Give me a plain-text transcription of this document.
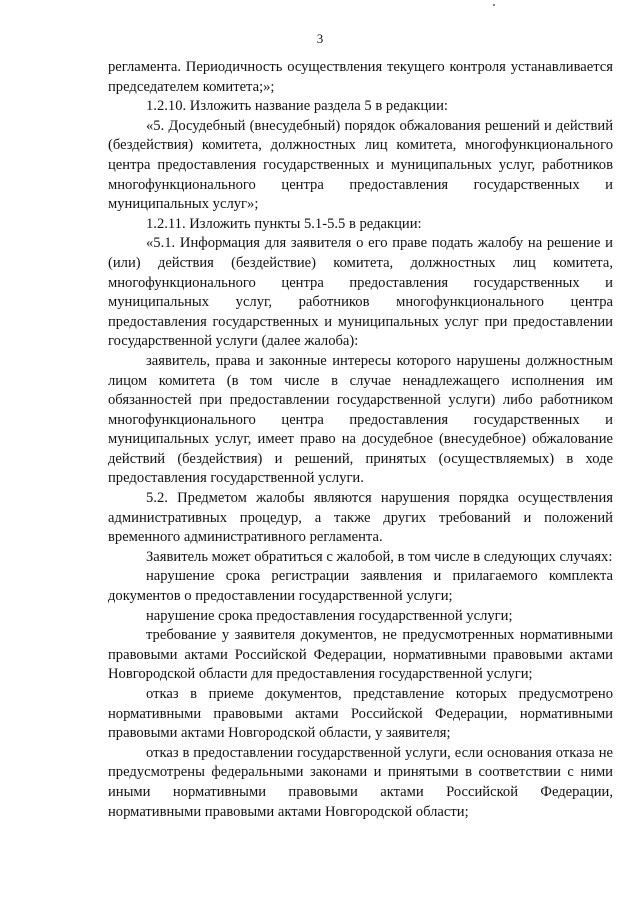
3

регламента. Периодичность осуществления текущего контроля устанавливается председателем комитета;»;

1.2.10. Изложить название раздела 5 в редакции:

«5. Досудебный (внесудебный) порядок обжалования решений и действий (бездействия) комитета, должностных лиц комитета, многофункционального центра предоставления государственных и муниципальных услуг, работников многофункционального центра предоставления государственных и муниципальных услуг»;

1.2.11. Изложить пункты 5.1-5.5 в редакции:

«5.1. Информация для заявителя о его праве подать жалобу на решение и (или) действия (бездействие) комитета, должностных лиц комитета, многофункционального центра предоставления государственных и муниципальных услуг, работников многофункционального центра предоставления государственных и муниципальных услуг при предоставлении государственной услуги (далее жалоба):

заявитель, права и законные интересы которого нарушены должностным лицом комитета (в том числе в случае ненадлежащего исполнения им обязанностей при предоставлении государственной услуги) либо работником многофункционального центра предоставления государственных и муниципальных услуг, имеет право на досудебное (внесудебное) обжалование действий (бездействия) и решений, принятых (осуществляемых) в ходе предоставления государственной услуги.

5.2. Предметом жалобы являются нарушения порядка осуществления административных процедур, а также других требований и положений временного административного регламента.

Заявитель может обратиться с жалобой, в том числе в следующих случаях:

нарушение срока регистрации заявления и прилагаемого комплекта документов о предоставлении государственной услуги;

нарушение срока предоставления государственной услуги;

требование у заявителя документов, не предусмотренных нормативными правовыми актами Российской Федерации, нормативными правовыми актами Новгородской области для предоставления государственной услуги;

отказ в приеме документов, представление которых предусмотрено нормативными правовыми актами Российской Федерации, нормативными правовыми актами Новгородской области, у заявителя;

отказ в предоставлении государственной услуги, если основания отказа не предусмотрены федеральными законами и принятыми в соответствии с ними иными нормативными правовыми актами Российской Федерации, нормативными правовыми актами Новгородской области;
